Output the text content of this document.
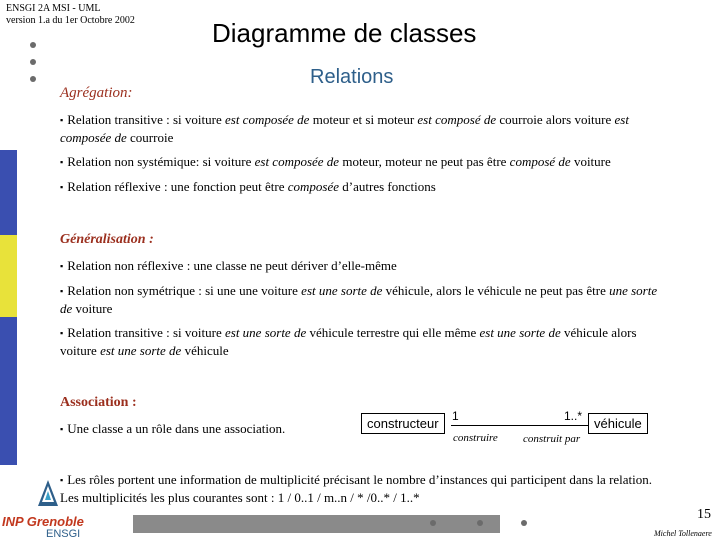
ENSGI 2A MSI - UML
version 1.a du 1er Octobre 2002	Diagramme de classes
Relations
Agrégation:
▪ Relation transitive : si voiture est composée de moteur et si moteur est composé de courroie alors voiture est composée de courroie
▪ Relation non systémique: si voiture est composée de moteur, moteur ne peut pas être composé de voiture
▪ Relation réflexive : une fonction peut être composée d’autres fonctions
Généralisation :
▪ Relation non réflexive : une classe ne peut dériver d’elle-même
▪ Relation non symétrique : si une une voiture est une sorte de véhicule, alors le véhicule ne peut pas être une sorte de voiture
▪ Relation transitive : si voiture est une sorte de véhicule terrestre qui elle même est une sorte de véhicule alors voiture est une sorte de véhicule
Association :
▪ Une classe a un rôle dans une association.	constructeur	véhicule
1	1..*
construire construit par
▪ Les rôles portent une information de multiplicité précisant le nombre d’instances qui participent dans la relation. Les multiplicités les plus courantes sont : 1 / 0..1 / m..n / * /0..* / 1..*
INP Grenoble
ENSGI
15
Michel Tollenaere
